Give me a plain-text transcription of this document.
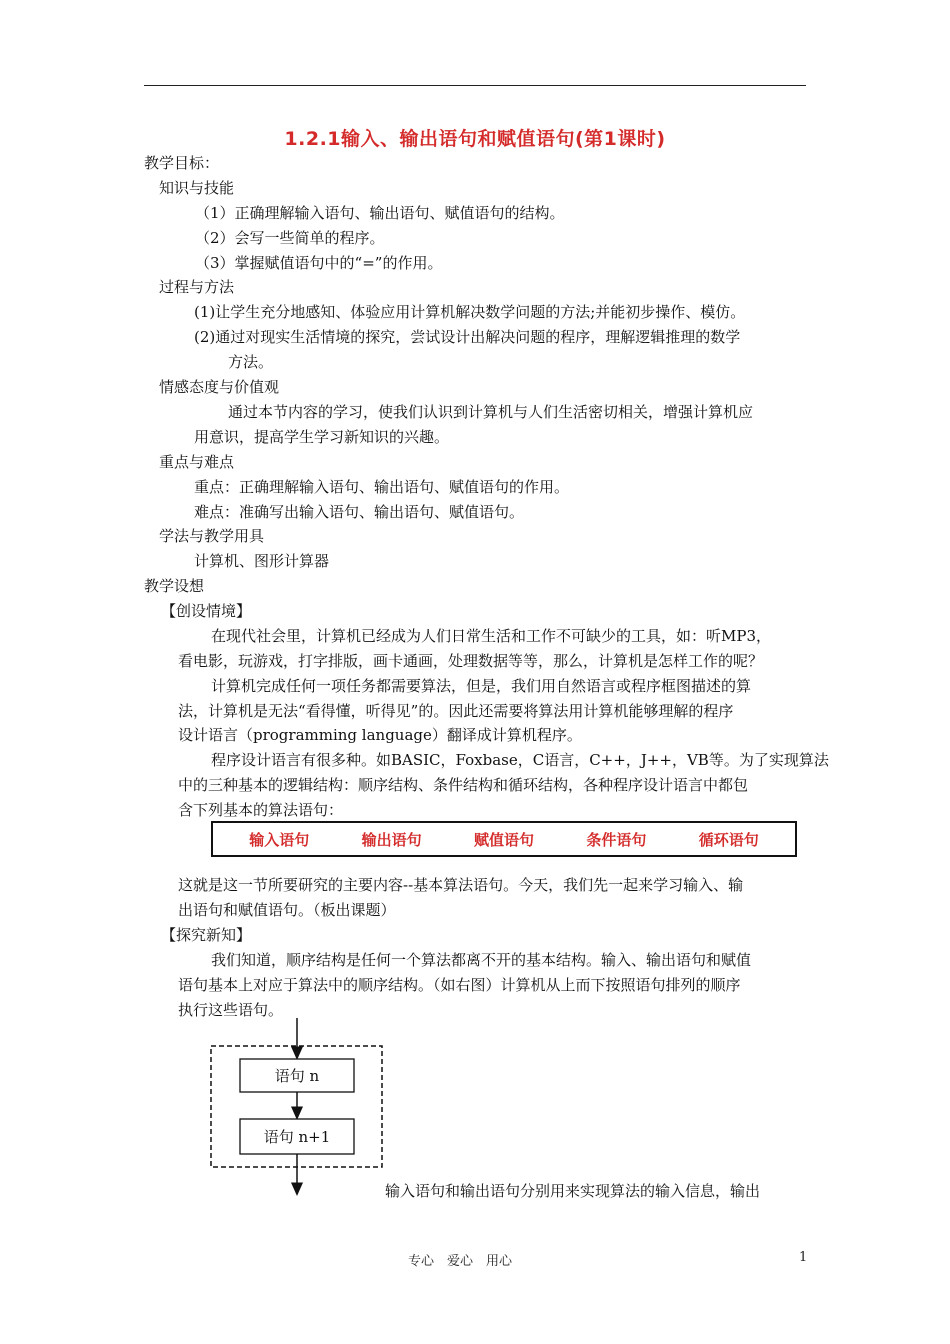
1.2.1输入、输出语句和赋值语句(第1课时)
教学目标：
知识与技能
（1）正确理解输入语句、输出语句、赋值语句的结构。
（2）会写一些简单的程序。
（3）掌握赋值语句中的“=”的作用。
过程与方法
(1)让学生充分地感知、体验应用计算机解决数学问题的方法;并能初步操作、模仿。
(2)通过对现实生活情境的探究，尝试设计出解决问题的程序，理解逻辑推理的数学
方法。
情感态度与价值观
通过本节内容的学习，使我们认识到计算机与人们生活密切相关，增强计算机应
用意识，提高学生学习新知识的兴趣。
重点与难点
重点：正确理解输入语句、输出语句、赋值语句的作用。
难点：准确写出输入语句、输出语句、赋值语句。
学法与教学用具
计算机、图形计算器
教学设想
【创设情境】
在现代社会里，计算机已经成为人们日常生活和工作不可缺少的工具，如：听MP3，
看电影，玩游戏，打字排版，画卡通画，处理数据等等，那么，计算机是怎样工作的呢？
计算机完成任何一项任务都需要算法，但是，我们用自然语言或程序框图描述的算
法，计算机是无法“看得懂，听得见”的。因此还需要将算法用计算机能够理解的程序
设计语言（programming language）翻译成计算机程序。
程序设计语言有很多种。如BASIC，Foxbase，C语言，C++，J++，VB等。为了实现算法
中的三种基本的逻辑结构：顺序结构、条件结构和循环结构，各种程序设计语言中都包
含下列基本的算法语句：
输入语句	输出语句	赋值语句	条件语句	循环语句
这就是这一节所要研究的主要内容--基本算法语句。今天，我们先一起来学习输入、输
出语句和赋值语句。（板出课题）
【探究新知】
我们知道，顺序结构是任何一个算法都离不开的基本结构。输入、输出语句和赋值
语句基本上对应于算法中的顺序结构。（如右图）计算机从上而下按照语句排列的顺序
执行这些语句。
语句 n
语句 n+1
输入语句和输出语句分别用来实现算法的输入信息，输出
专心　爱心　用心	1
